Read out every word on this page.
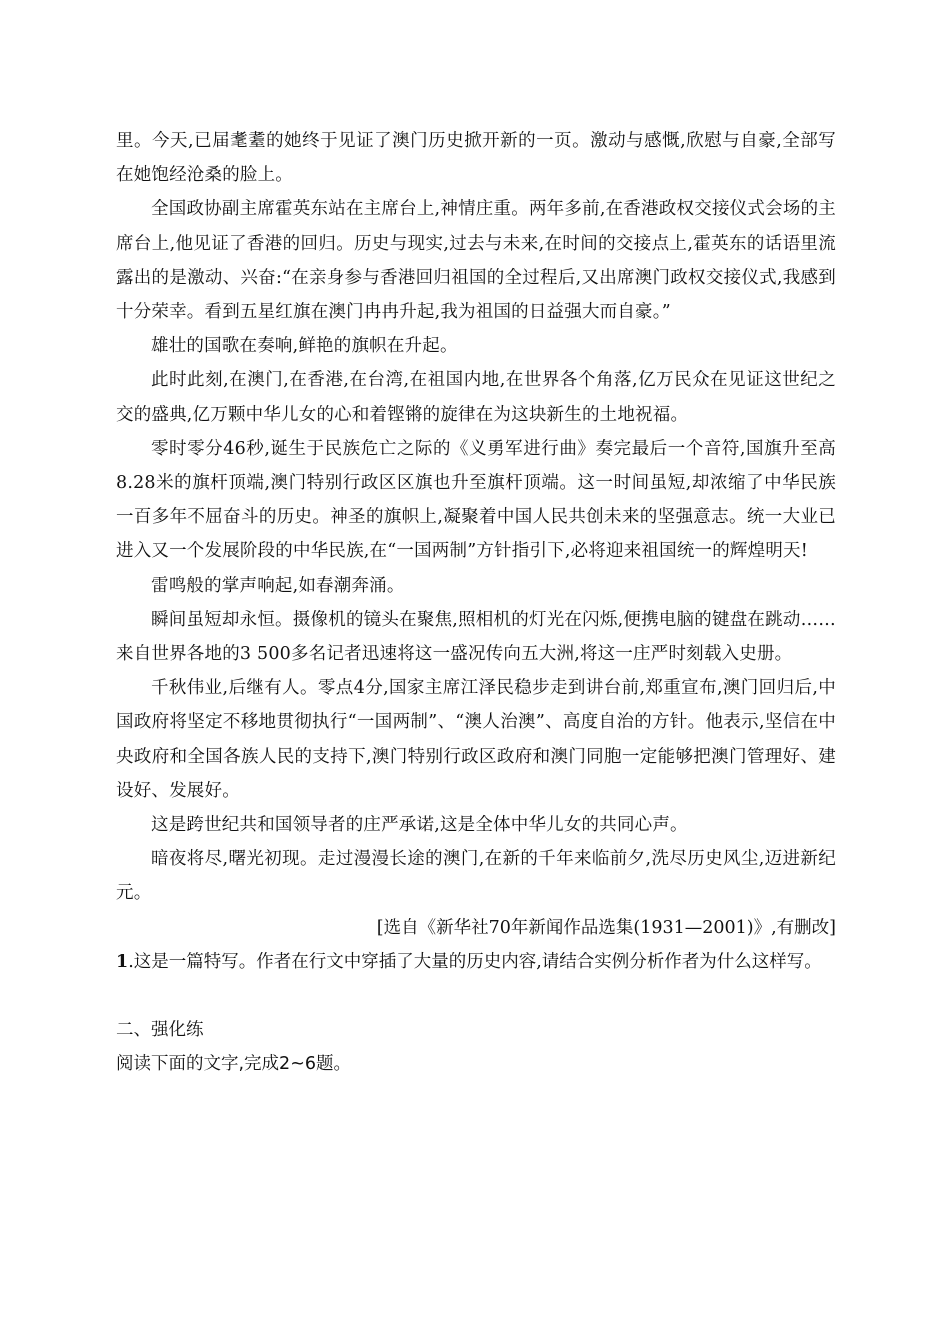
里。今天,已届耄耋的她终于见证了澳门历史掀开新的一页。激动与感慨,欣慰与自豪,全部写在她饱经沧桑的脸上。

全国政协副主席霍英东站在主席台上,神情庄重。两年多前,在香港政权交接仪式会场的主席台上,他见证了香港的回归。历史与现实,过去与未来,在时间的交接点上,霍英东的话语里流露出的是激动、兴奋:“在亲身参与香港回归祖国的全过程后,又出席澳门政权交接仪式,我感到十分荣幸。看到五星红旗在澳门冉冉升起,我为祖国的日益强大而自豪。”

雄壮的国歌在奏响,鲜艳的旗帜在升起。

此时此刻,在澳门,在香港,在台湾,在祖国内地,在世界各个角落,亿万民众在见证这世纪之交的盛典,亿万颗中华儿女的心和着铿锵的旋律在为这块新生的土地祝福。

零时零分46秒,诞生于民族危亡之际的《义勇军进行曲》奏完最后一个音符,国旗升至高8.28米的旗杆顶端,澳门特别行政区区旗也升至旗杆顶端。这一时间虽短,却浓缩了中华民族一百多年不屈奋斗的历史。神圣的旗帜上,凝聚着中国人民共创未来的坚强意志。统一大业已进入又一个发展阶段的中华民族,在“一国两制”方针指引下,必将迎来祖国统一的辉煌明天!

雷鸣般的掌声响起,如春潮奔涌。

瞬间虽短却永恒。摄像机的镜头在聚焦,照相机的灯光在闪烁,便携电脑的键盘在跳动……来自世界各地的3 500多名记者迅速将这一盛况传向五大洲,将这一庄严时刻载入史册。

千秋伟业,后继有人。零点4分,国家主席江泽民稳步走到讲台前,郑重宣布,澳门回归后,中国政府将坚定不移地贯彻执行“一国两制”、“澳人治澳”、高度自治的方针。他表示,坚信在中央政府和全国各族人民的支持下,澳门特别行政区政府和澳门同胞一定能够把澳门管理好、建设好、发展好。

这是跨世纪共和国领导者的庄严承诺,这是全体中华儿女的共同心声。

暗夜将尽,曙光初现。走过漫漫长途的澳门,在新的千年来临前夕,洗尽历史风尘,迈进新纪元。

[选自《新华社70年新闻作品选集(1931—2001)》,有删改]

1.这是一篇特写。作者在行文中穿插了大量的历史内容,请结合实例分析作者为什么这样写。

二、强化练

阅读下面的文字,完成2~6题。
